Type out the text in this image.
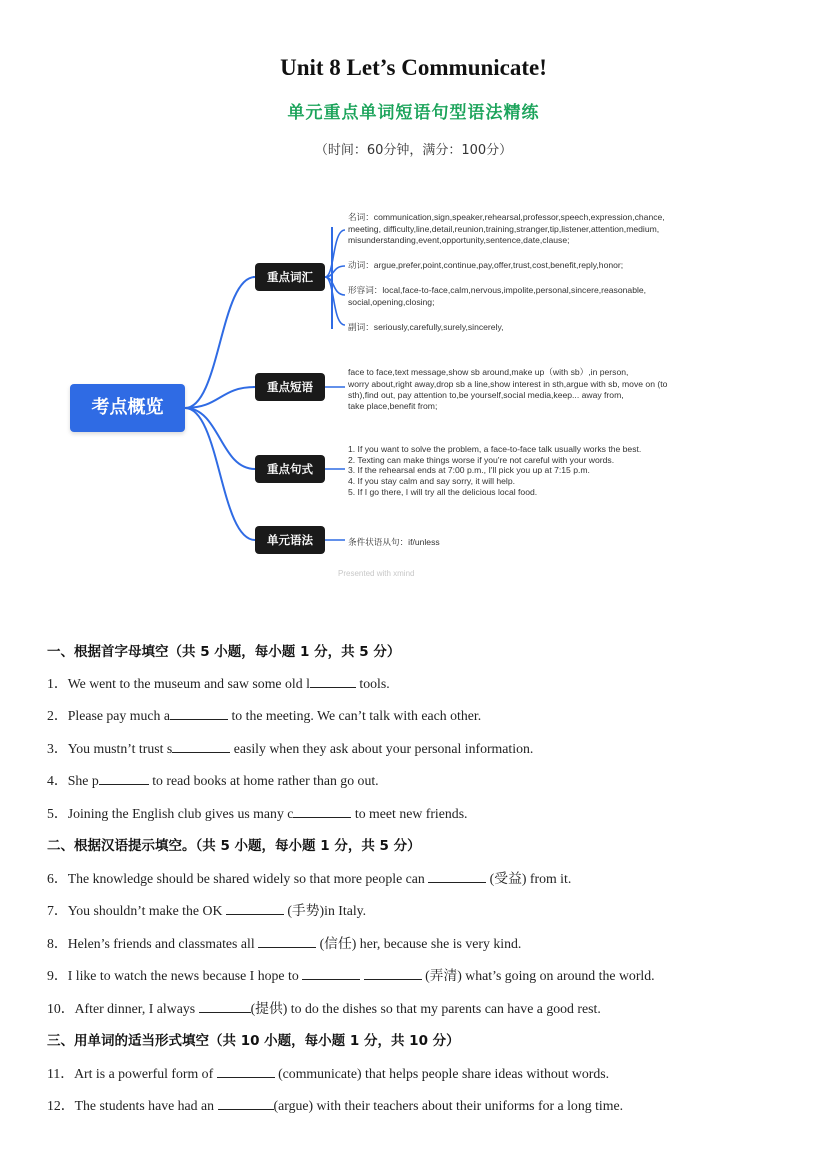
Unit 8 Let’s Communicate!
单元重点单词短语句型语法精练
（时间：60分钟，满分：100分）
考点概览
重点词汇
重点短语
重点句式
单元语法
名词：communication,sign,speaker,rehearsal,professor,speech,expression,chance,
meeting, difficulty,line,detail,reunion,training,stranger,tip,listener,attention,medium,
misunderstanding,event,opportunity,sentence,date,clause;
动词：argue,prefer,point,continue,pay,offer,trust,cost,benefit,reply,honor;
形容词：local,face-to-face,calm,nervous,impolite,personal,sincere,reasonable,
social,opening,closing;
副词：seriously,carefully,surely,sincerely,
face to face,text message,show sb around,make up（with sb）,in person,
worry about,right away,drop sb a line,show interest in sth,argue with sb, move on (to
sth),find out, pay attention to,be yourself,social media,keep... away from,
take place,benefit from;
1. If you want to solve the problem, a face-to-face talk usually works the best.
2. Texting can make things worse if you're not careful with your words.
3. If the rehearsal ends at 7:00 p.m., I'll pick you up at 7:15 p.m.
4. If you stay calm and say sorry, it will help.
5. If I go there, I will try all the delicious local food.
条件状语从句：if/unless
Presented with xmind
一、根据首字母填空（共 5 小题，每小题 1 分，共 5 分）
1．We went to the museum and saw some old l	tools.
2．Please pay much a	to the meeting. We can’t talk with each other.
3．You mustn’t trust s	easily when they ask about your personal information.
4．She p	to read books at home rather than go out.
5．Joining the English club gives us many c	to meet new friends.
二、根据汉语提示填空。（共 5 小题，每小题 1 分，共 5 分）
6．The knowledge should be shared widely so that more people can	(受益) from it.
7．You shouldn’t make the OK	(手势)in Italy.
8．Helen’s friends and classmates all	(信任) her, because she is very kind.
9．I like to watch the news because I hope to	(弄清) what’s going on around the world.
10．After dinner, I always	(提供) to do the dishes so that my parents can have a good rest.
三、用单词的适当形式填空（共 10 小题，每小题 1 分，共 10 分）
11．Art is a powerful form of	(communicate) that helps people share ideas without words.
12．The students have had an	(argue) with their teachers about their uniforms for a long time.
